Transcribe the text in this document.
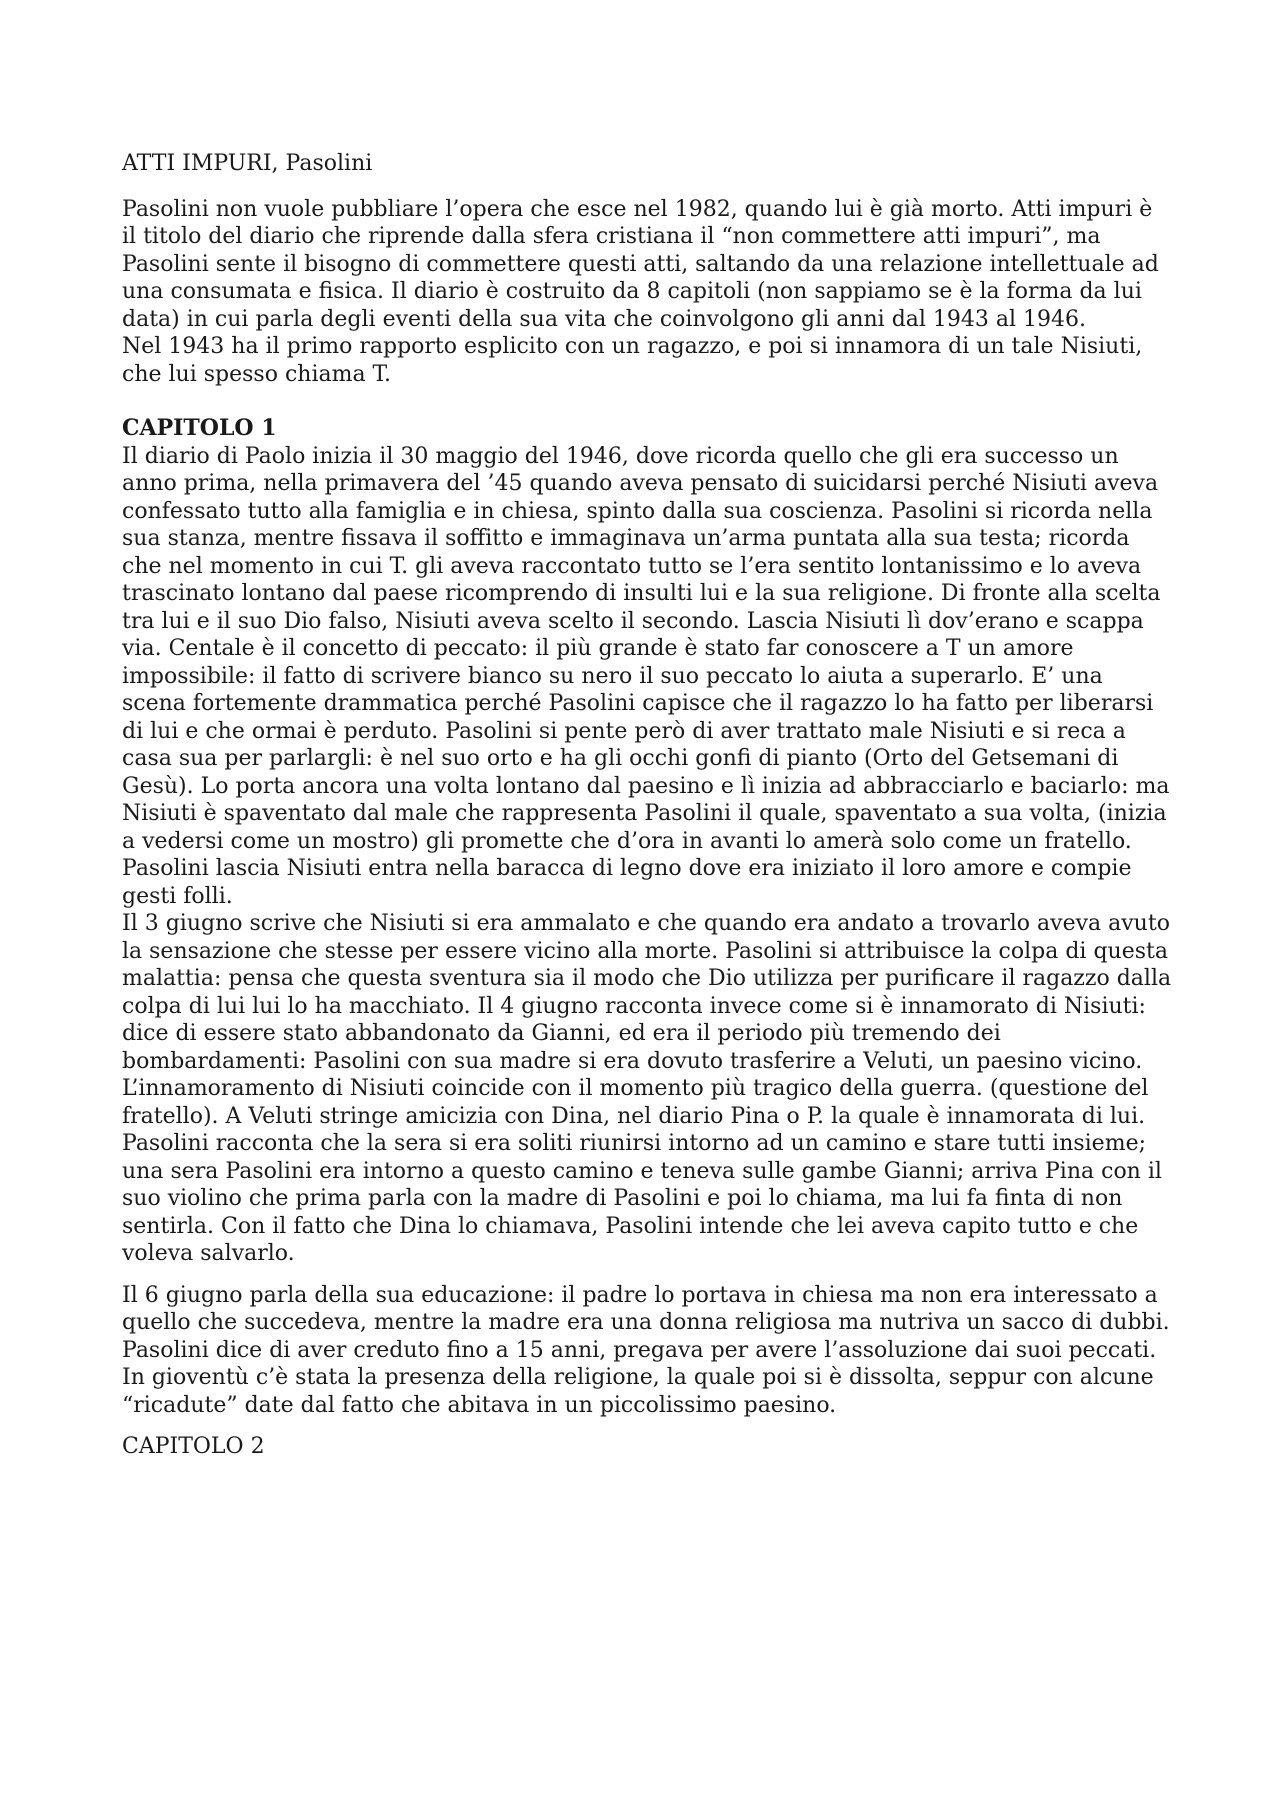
ATTI IMPURI, Pasolini

Pasolini non vuole pubbliare l’opera che esce nel 1982, quando lui è già morto. Atti impuri è il titolo del diario che riprende dalla sfera cristiana il “non commettere atti impuri”, ma Pasolini sente il bisogno di commettere questi atti, saltando da una relazione intellettuale ad una consumata e fisica. Il diario è costruito da 8 capitoli (non sappiamo se è la forma da lui data) in cui parla degli eventi della sua vita che coinvolgono gli anni dal 1943 al 1946.

Nel 1943 ha il primo rapporto esplicito con un ragazzo, e poi si innamora di un tale Nisiuti, che lui spesso chiama T.

CAPITOLO 1

Il diario di Paolo inizia il 30 maggio del 1946, dove ricorda quello che gli era successo un anno prima, nella primavera del ’45 quando aveva pensato di suicidarsi perché Nisiuti aveva confessato tutto alla famiglia e in chiesa, spinto dalla sua coscienza. Pasolini si ricorda nella sua stanza, mentre fissava il soffitto e immaginava un’arma puntata alla sua testa; ricorda che nel momento in cui T. gli aveva raccontato tutto se l’era sentito lontanissimo e lo aveva trascinato lontano dal paese ricomprendo di insulti lui e la sua religione. Di fronte alla scelta tra lui e il suo Dio falso, Nisiuti aveva scelto il secondo. Lascia Nisiuti lì dov’erano e scappa via. Centale è il concetto di peccato: il più grande è stato far conoscere a T un amore impossibile: il fatto di scrivere bianco su nero il suo peccato lo aiuta a superarlo. E’ una scena fortemente drammatica perché Pasolini capisce che il ragazzo lo ha fatto per liberarsi di lui e che ormai è perduto. Pasolini si pente però di aver trattato male Nisiuti e si reca a casa sua per parlargli: è nel suo orto e ha gli occhi gonfi di pianto (Orto del Getsemani di Gesù). Lo porta ancora una volta lontano dal paesino e lì inizia ad abbracciarlo e baciarlo: ma Nisiuti è spaventato dal male che rappresenta Pasolini il quale, spaventato a sua volta, (inizia a vedersi come un mostro) gli promette che d’ora in avanti lo amerà solo come un fratello. Pasolini lascia Nisiuti entra nella baracca di legno dove era iniziato il loro amore e compie gesti folli.

Il 3 giugno scrive che Nisiuti si era ammalato e che quando era andato a trovarlo aveva avuto la sensazione che stesse per essere vicino alla morte. Pasolini si attribuisce la colpa di questa malattia: pensa che questa sventura sia il modo che Dio utilizza per purificare il ragazzo dalla colpa di lui lui lo ha macchiato. Il 4 giugno racconta invece come si è innamorato di Nisiuti: dice di essere stato abbandonato da Gianni, ed era il periodo più tremendo dei bombardamenti: Pasolini con sua madre si era dovuto trasferire a Veluti, un paesino vicino. L’innamoramento di Nisiuti coincide con il momento più tragico della guerra. (questione del fratello). A Veluti stringe amicizia con Dina, nel diario Pina o P. la quale è innamorata di lui. Pasolini racconta che la sera si era soliti riunirsi intorno ad un camino e stare tutti insieme; una sera Pasolini era intorno a questo camino e teneva sulle gambe Gianni; arriva Pina con il suo violino che prima parla con la madre di Pasolini e poi lo chiama, ma lui fa finta di non sentirla. Con il fatto che Dina lo chiamava, Pasolini intende che lei aveva capito tutto e che voleva salvarlo.

Il 6 giugno parla della sua educazione: il padre lo portava in chiesa ma non era interessato a quello che succedeva, mentre la madre era una donna religiosa ma nutriva un sacco di dubbi. Pasolini dice di aver creduto fino a 15 anni, pregava per avere l’assoluzione dai suoi peccati. In gioventù c’è stata la presenza della religione, la quale poi si è dissolta, seppur con alcune “ricadute” date dal fatto che abitava in un piccolissimo paesino.

CAPITOLO 2
